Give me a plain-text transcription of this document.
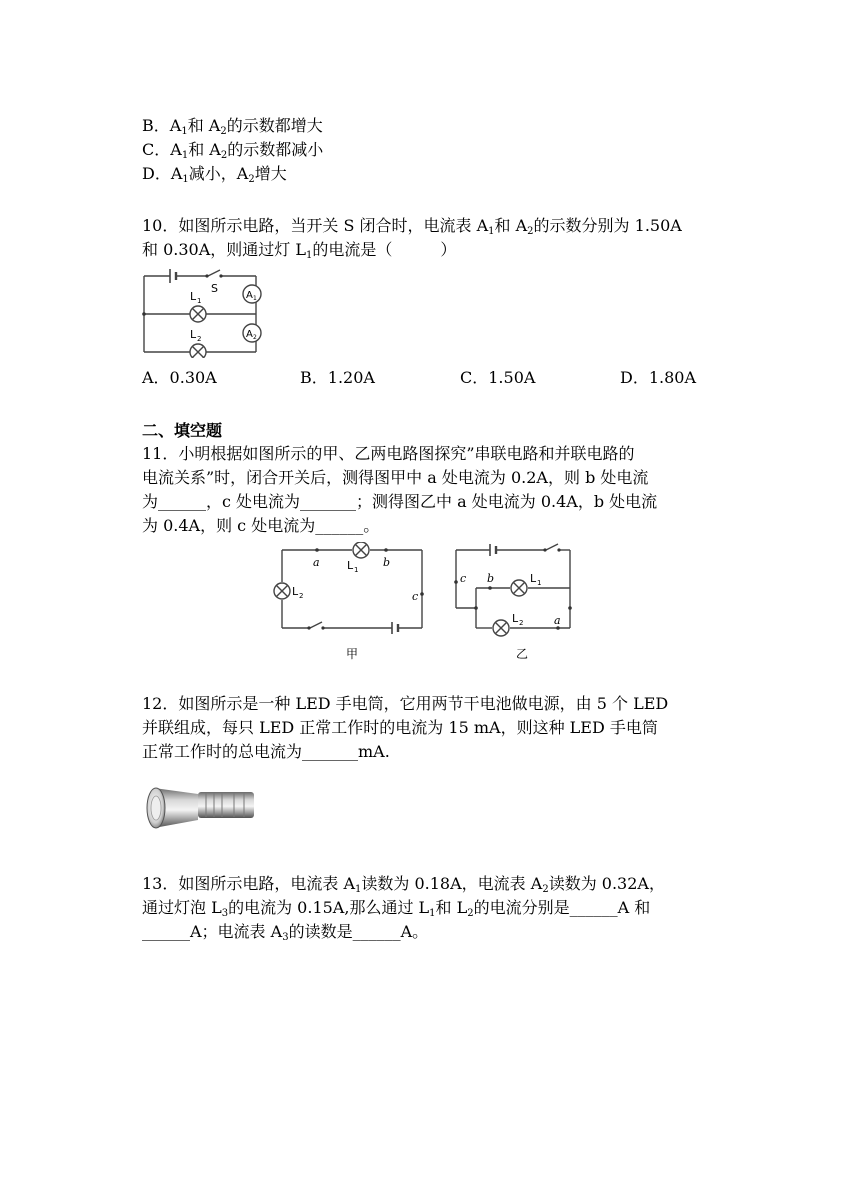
B．$A_1$和 $A_2$的示数都增大
C．$A_1$和 $A_2$的示数都减小
D．$A_1$减小，$A_2$增大
10．如图所示电路，当开关 S 闭合时，电流表 $A_1$和 $A_2$的示数分别为 1.50A
和 0.30A，则通过灯 $L_1$的电流是（　　　）
S
L 1
L 2
A 1
A 2
A．0.30A	B．1.20A	C．1.50A	D．1.80A
二、填空题
11．小明根据如图所示的甲、乙两电路图探究”串联电路和并联电路的
电流关系”时，闭合开关后，测得图甲中 a 处电流为 0.2A，则 b 处电流
为______，c 处电流为_______；测得图乙中 a 处电流为 0.4A，b 处电流
为 0.4A，则 c 处电流为______。
a	b
c
L 1
L 2
甲
c b
a
L 1
L 2
乙
12．如图所示是一种 LED 手电筒，它用两节干电池做电源，由 5 个 LED
并联组成，每只 LED 正常工作时的电流为 15 mA，则这种 LED 手电筒
正常工作时的总电流为_______mA.
13．如图所示电路，电流表 $A_1$读数为 0.18A，电流表 $A_2$读数为 0.32A，
通过灯泡 $L_3$的电流为 0.15A,那么通过 $L_1$和 $L_2$的电流分别是______A 和
______A；电流表 $A_3$的读数是______A。
